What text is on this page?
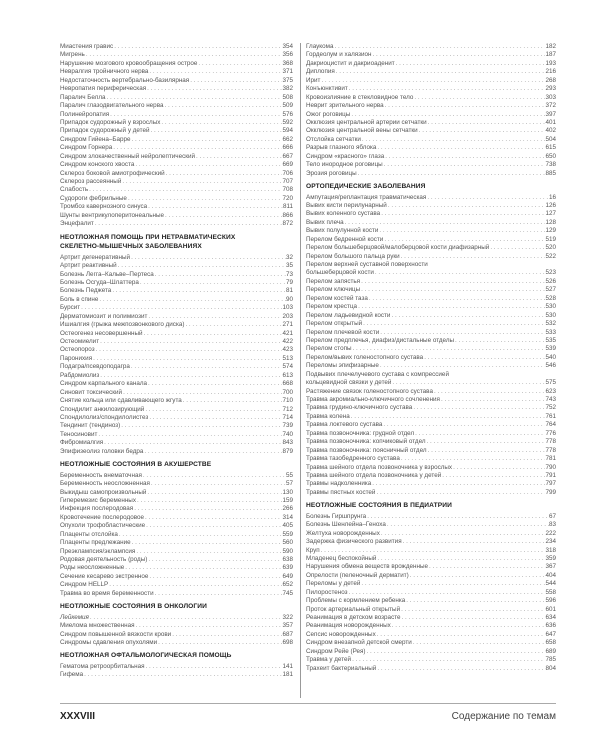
Миастения гравис . . .	354
Мигрень . . .	356
Нарушение мозгового кровообращения острое . . .	368
Невралгия тройничного нерва . . .	371
Недостаточность вертебрально-базилярная . . .	375
Невропатия периферическая . . .	382
Паралич Белла . . .	508
Паралич глазодвигательного нерва . . .	509
Полинейропатия . . .	576
Припадок судорожный у взрослых . . .	592
Припадок судорожный у детей . . .	594
Синдром Гийена–Барре . . .	662
Синдром Горнера . . .	666
Синдром злокачественный нейролептический . . .	667
Синдром конского хвоста . . .	669
Склероз боковой амиотрофический . . .	706
Склероз рассеянный . . .	707
Слабость . . .	708
Судороги фебрильные . . .	720
Тромбоз кавернозного синуса . . .	811
Шунты вентрикулоперитонеальные . . .	866
Энцефалит . . .	872
НЕОТЛОЖНАЯ ПОМОЩЬ ПРИ НЕТРАВМАТИЧЕСКИХ
СКЕЛЕТНО-МЫШЕЧНЫХ ЗАБОЛЕВАНИЯХ
Артрит дегенеративный . . .	32
Артрит реактивный . . .	35
Болезнь Легга–Кальве–Пертеса . . .	73
Болезнь Осгуда–Шлаттера . . .	79
Болезнь Педжета . . .	81
Боль в спине . . .	90
Бурсит . . .	103
Дерматомиозит и полимиозит . . .	203
Ишиалгия (грыжа межпозвонкового диска) . . .	271
Остеогенез несовершенный . . .	421
Остеомиелит . . .	422
Остеопороз . . .	423
Паронихия . . .	513
Подагра/псевдоподагра . . .	574
Рабдомиолиз . . .	613
Синдром карпального канала . . .	668
Синовит токсический . . .	700
Снятие кольца или сдавливающего жгута . . .	710
Спондилит анкилозирующий . . .	712
Спондилолиз/спондилолистез . . .	714
Тендинит (тендиноз) . . .	739
Теносиновит . . .	740
Фибромиалгия . . .	843
Эпифизеолиз головки бедра . . .	879
НЕОТЛОЖНЫЕ СОСТОЯНИЯ В АКУШЕРСТВЕ
Беременность внематочная . . .	55
Беременность неосложненная . . .	57
Выкидыш самопроизвольный . . .	130
Гиперемезис беременных . . .	159
Инфекция послеродовая . . .	266
Кровотечение послеродовое . . .	314
Опухоли трофобластические . . .	405
Плаценты отслойка . . .	559
Плаценты предлежание . . .	560
Преэклампсия/эклампсия . . .	590
Родовая деятельность (роды) . . .	638
Роды неосложненные . . .	639
Сечение кесарево экстренное . . .	649
Синдром HELLP . . .	652
Травма во время беременности . . .	745
НЕОТЛОЖНЫЕ СОСТОЯНИЯ В ОНКОЛОГИИ
Лейкемия . . .	322
Миелома множественная . . .	357
Синдром повышенной вязкости крови . . .	687
Синдромы сдавления опухолями . . .	698
НЕОТЛОЖНАЯ ОФТАЛЬМОЛОГИЧЕСКАЯ ПОМОЩЬ
Гематома ретроорбитальная . . .	141
Гифема . . .	181
Глаукома . . .	182
Гордеолум и халязион . . .	187
Дакриоцистит и дакриоаденит . . .	193
Диплопия . . .	216
Ирит . . .	268
Конъюнктивит . . .	293
Кровоизлияние в стекловидное тело . . .	303
Неврит зрительного нерва . . .	372
Ожог роговицы . . .	397
Окклюзия центральной артерии сетчатки . . .	401
Окклюзия центральной вены сетчатки . . .	402
Отслойка сетчатки . . .	504
Разрыв глазного яблока . . .	615
Синдром «красного» глаза . . .	650
Тело инородное роговицы . . .	738
Эрозия роговицы . . .	885
ОРТОПЕДИЧЕСКИЕ ЗАБОЛЕВАНИЯ
Ампутация/реплантация травматическая . . .	16
Вывих кисти перилунарный . . .	126
Вывих коленного сустава . . .	127
Вывих плеча . . .	128
Вывих полулунной кости . . .	129
Перелом бедренной кости . . .	519
Перелом большеберцовой/малоберцовой кости диафизарный . . .	520
Перелом большого пальца руки . . .	522
Перелом верхней суставной поверхности
большеберцовой кости . . .	523
Перелом запястья . . .	526
Перелом ключицы . . .	527
Перелом костей таза . . .	528
Перелом крестца . . .	530
Перелом ладьевидной кости . . .	530
Перелом открытый . . .	532
Перелом плечевой кости . . .	533
Перелом предплечья, диафиз/дистальные отделы . . .	535
Перелом стопы . . .	539
Перелом/вывих голеностопного сустава . . .	540
Переломы эпифизарные . . .	546
Подвывих плечелучевого сустава с компрессией
кольцевидной связки у детей . . .	575
Растяжение связок голеностопного сустава . . .	623
Травма акромиально-ключичного сочленения . . .	743
Травма грудино-ключичного сустава . . .	752
Травма колена . . .	761
Травма локтевого сустава . . .	764
Травма позвоночника: грудной отдел . . .	776
Травма позвоночника: копчиковый отдел . . .	778
Травма позвоночника: поясничный отдел . . .	778
Травма тазобедренного сустава . . .	781
Травма шейного отдела позвоночника у взрослых . . .	790
Травма шейного отдела позвоночника у детей . . .	791
Травмы надколенника . . .	797
Травмы пястных костей . . .	799
НЕОТЛОЖНЫЕ СОСТОЯНИЯ В ПЕДИАТРИИ
Болезнь Гиршпрунга . . .	67
Болезнь Шенлейна–Геноха . . .	83
Желтуха новорожденных . . .	222
Задержка физического развития . . .	234
Круп . . .	318
Младенец беспокойный . . .	359
Нарушения обмена веществ врожденные . . .	367
Опрелости (пеленочный дерматит) . . .	404
Переломы у детей . . .	544
Пилоростеноз . . .	558
Проблемы с кормлением ребенка . . .	596
Проток артериальный открытый . . .	601
Реанимация в детском возрасте . . .	634
Реанимация новорожденных . . .	636
Сепсис новорожденных . . .	647
Синдром внезапной детской смерти . . .	658
Синдром Рейе (Рея) . . .	689
Травма у детей . . .	785
Трахеит бактериальный . . .	804
XXXVIII	Содержание по темам
